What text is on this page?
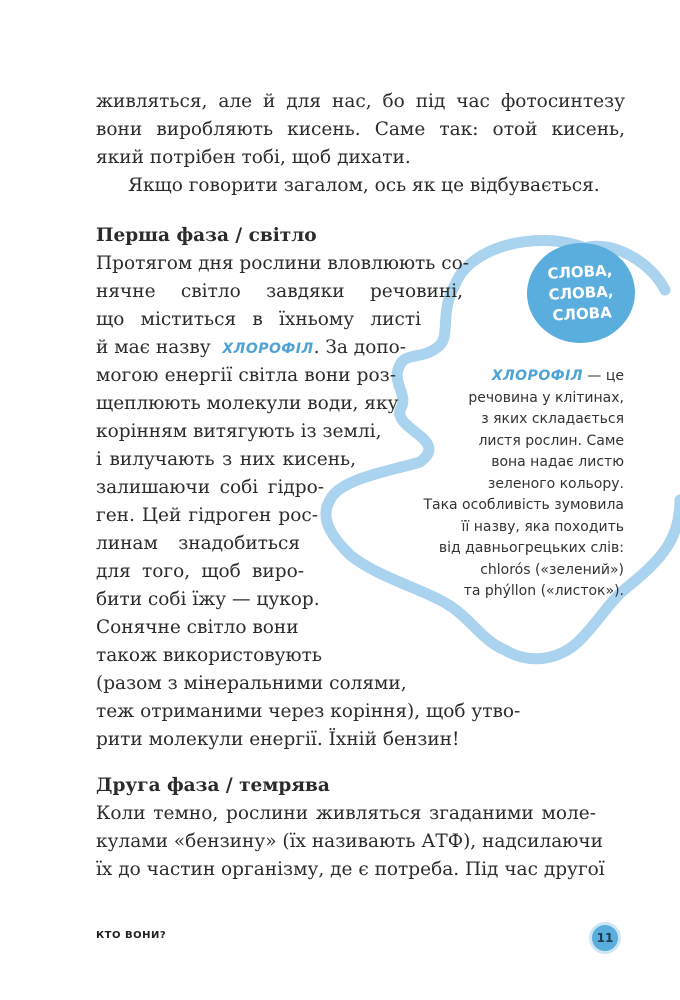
живляться, але й для нас, бо під час фотосинтезу
вони виробляють кисень. Саме так: отой кисень,
який потрібен тобі, щоб дихати.
Якщо говорити загалом, ось як це відбувається.
Перша фаза / світло
Протягом дня рослини вловлюють со-
нячне світло завдяки речовині,
що міститься в їхньому листі
й має назву ХЛОРОФІЛ. За допо-
могою енергії світла вони роз-
щеплюють молекули води, яку
корінням витягують із землі,
і вилучають з них кисень,
залишаючи собі гідро-
ген. Цей гідроген рос-
линам знадобиться
для того, щоб виро-
бити собі їжу — цукор.
Сонячне світло вони
також використовують
(разом з мінеральними солями,
теж отриманими через коріння), щоб утво-
рити молекули енергії. Їхній бензин!
Друга фаза / темрява
Коли темно, рослини живляться згаданими моле-
кулами «бензину» (їх називають АТФ), надсилаючи
їх до частин організму, де є потреба. Під час другої
СЛОВА,
СЛОВА,
СЛОВА
ХЛОРОФІЛ — це
речовина у клітинах,
з яких складається
листя рослин. Саме
вона надає листю
зеленого кольору.
Така особливість зумовила
її назву, яка походить
від давньогрецьких слів:
chlorós («зелений»)
та phýllon («листок»).
КТО ВОНИ?	11
